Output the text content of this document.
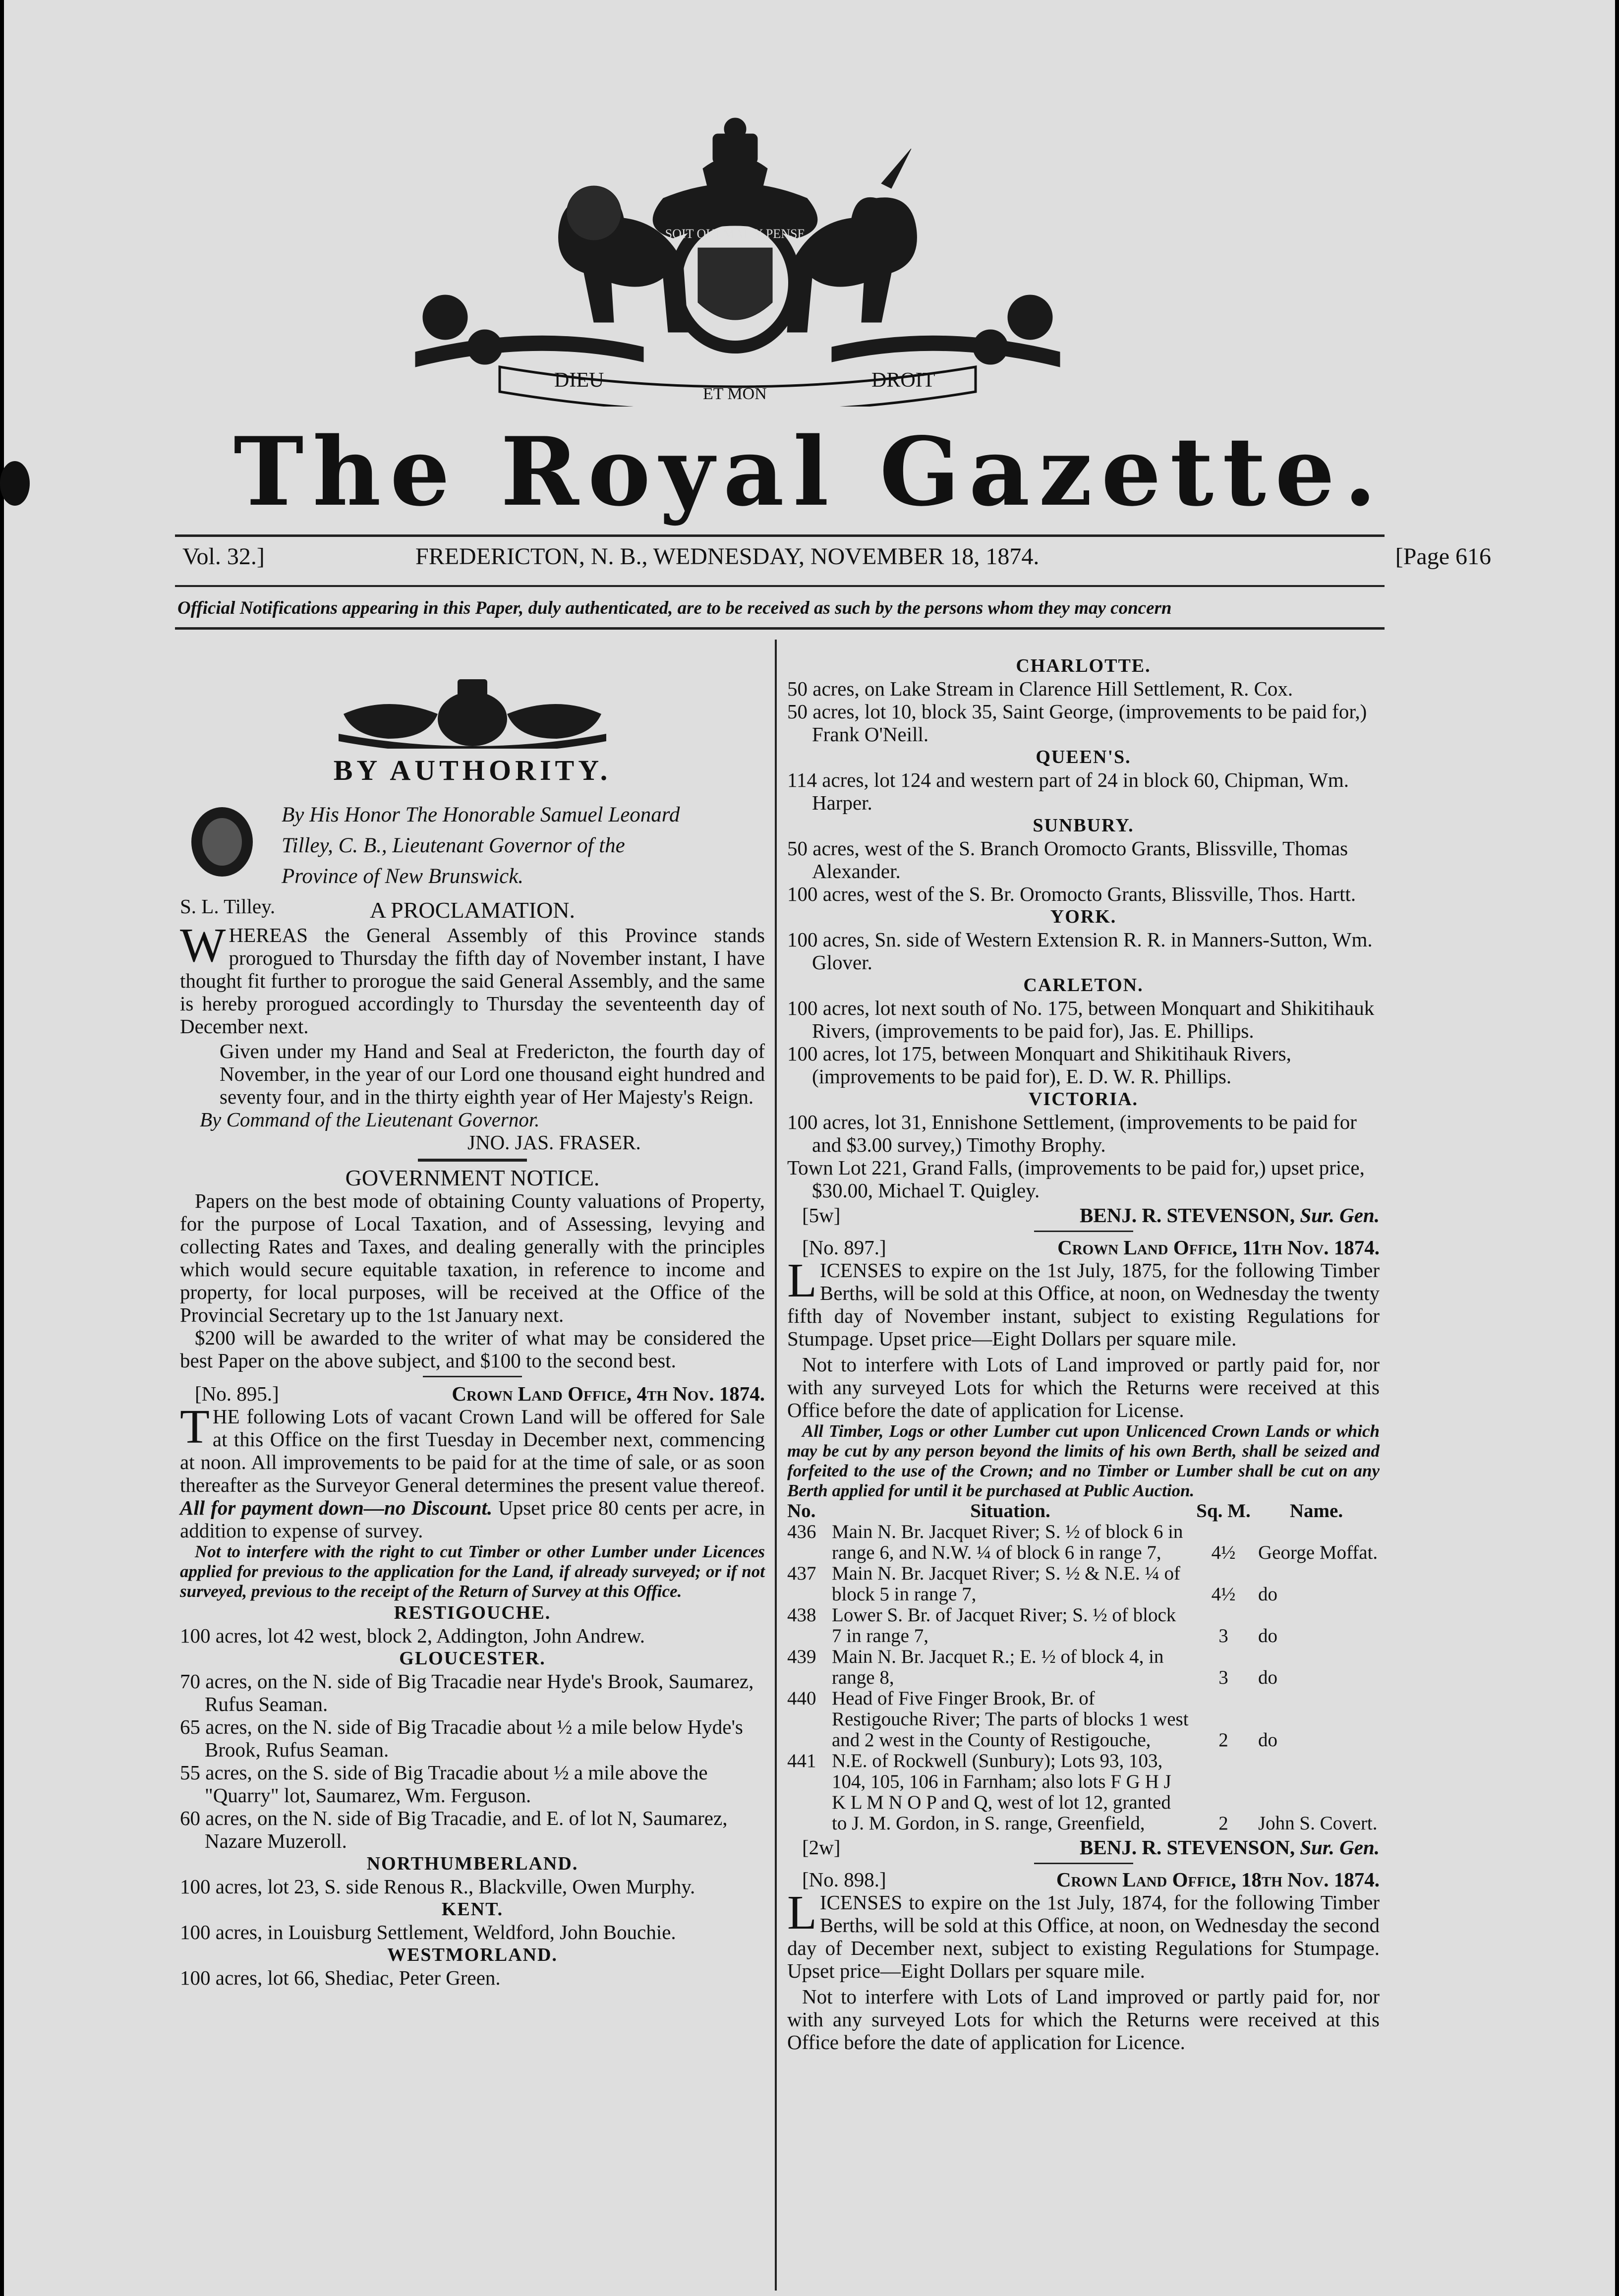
DIEU
ET MON
DROIT
SOIT QUI MAL Y PENSE
The Royal Gazette.
Vol. 32.]	FREDERICTON, N. B., WEDNESDAY, NOVEMBER 18, 1874.	[Page 616
Official Notifications appearing in this Paper, duly authenticated, are to be received as such by the persons whom they may concern
BY AUTHORITY.
By His Honor The Honorable Samuel Leonard
Tilley, C. B., Lieutenant Governor of the
Province of New Brunswick.
S. L. Tilley.	A PROCLAMATION.
WHEREAS the General Assembly of this Province stands prorogued to Thursday the fifth day of November instant, I have thought fit further to prorogue the said General Assembly, and the same is hereby prorogued accordingly to Thursday the seventeenth day of December next.
Given under my Hand and Seal at Fredericton, the fourth day of November, in the year of our Lord one thousand eight hundred and seventy four, and in the thirty eighth year of Her Majesty's Reign.
By Command of the Lieutenant Governor.
JNO. JAS. FRASER.
GOVERNMENT NOTICE.
Papers on the best mode of obtaining County valuations of Property, for the purpose of Local Taxation, and of Assessing, levying and collecting Rates and Taxes, and dealing generally with the principles which would secure equitable taxation, in reference to income and property, for local purposes, will be received at the Office of the Provincial Secretary up to the 1st January next.
$200 will be awarded to the writer of what may be considered the best Paper on the above subject, and $100 to the second best.
[No. 895.]	Crown Land Office, 4th Nov. 1874.
THE following Lots of vacant Crown Land will be offered for Sale at this Office on the first Tuesday in December next, commencing at noon. All improvements to be paid for at the time of sale, or as soon thereafter as the Surveyor General determines the present value thereof. All for payment down—no Discount. Upset price 80 cents per acre, in addition to expense of survey.
Not to interfere with the right to cut Timber or other Lumber under Licences applied for previous to the application for the Land, if already surveyed; or if not surveyed, previous to the receipt of the Return of Survey at this Office.
RESTIGOUCHE.
100 acres, lot 42 west, block 2, Addington, John Andrew.
GLOUCESTER.
70 acres, on the N. side of Big Tracadie near Hyde's Brook, Saumarez, Rufus Seaman.
65 acres, on the N. side of Big Tracadie about ½ a mile below Hyde's Brook, Rufus Seaman.
55 acres, on the S. side of Big Tracadie about ½ a mile above the "Quarry" lot, Saumarez, Wm. Ferguson.
60 acres, on the N. side of Big Tracadie, and E. of lot N, Saumarez, Nazare Muzeroll.
NORTHUMBERLAND.
100 acres, lot 23, S. side Renous R., Blackville, Owen Murphy.
KENT.
100 acres, in Louisburg Settlement, Weldford, John Bouchie.
WESTMORLAND.
100 acres, lot 66, Shediac, Peter Green.
CHARLOTTE.
50 acres, on Lake Stream in Clarence Hill Settlement, R. Cox.
50 acres, lot 10, block 35, Saint George, (improvements to be paid for,) Frank O'Neill.
QUEEN'S.
114 acres, lot 124 and western part of 24 in block 60, Chipman, Wm. Harper.
SUNBURY.
50 acres, west of the S. Branch Oromocto Grants, Blissville, Thomas Alexander.
100 acres, west of the S. Br. Oromocto Grants, Blissville, Thos. Hartt.
YORK.
100 acres, Sn. side of Western Extension R. R. in Manners-Sutton, Wm. Glover.
CARLETON.
100 acres, lot next south of No. 175, between Monquart and Shikitihauk Rivers, (improvements to be paid for), Jas. E. Phillips.
100 acres, lot 175, between Monquart and Shikitihauk Rivers, (improvements to be paid for), E. D. W. R. Phillips.
VICTORIA.
100 acres, lot 31, Ennishone Settlement, (improvements to be paid for and $3.00 survey,) Timothy Brophy.
Town Lot 221, Grand Falls, (improvements to be paid for,) upset price, $30.00, Michael T. Quigley.
[5w]	BENJ. R. STEVENSON, Sur. Gen.
[No. 897.]	Crown Land Office, 11th Nov. 1874.
LICENSES to expire on the 1st July, 1875, for the following Timber Berths, will be sold at this Office, at noon, on Wednesday the twenty fifth day of November instant, subject to existing Regulations for Stumpage. Upset price—Eight Dollars per square mile.
Not to interfere with Lots of Land improved or partly paid for, nor with any surveyed Lots for which the Returns were received at this Office before the date of application for License.
All Timber, Logs or other Lumber cut upon Unlicenced Crown Lands or which may be cut by any person beyond the limits of his own Berth, shall be seized and forfeited to the use of the Crown; and no Timber or Lumber shall be cut on any Berth applied for until it be purchased at Public Auction.
No.	Situation.	Sq. M.	Name.
436	Main N. Br. Jacquet River; S. ½ of block 6 in range 6, and N.W. ¼ of block 6 in range 7,	4½	George Moffat.
437	Main N. Br. Jacquet River; S. ½ & N.E. ¼ of block 5 in range 7,	4½	do
438	Lower S. Br. of Jacquet River; S. ½ of block 7 in range 7,	3	do
439	Main N. Br. Jacquet R.; E. ½ of block 4, in range 8,	3	do
440	Head of Five Finger Brook, Br. of Restigouche River; The parts of blocks 1 west and 2 west in the County of Restigouche,	2	do
441	N.E. of Rockwell (Sunbury); Lots 93, 103, 104, 105, 106 in Farnham; also lots F G H J K L M N O P and Q, west of lot 12, granted to J. M. Gordon, in S. range, Greenfield,	2	John S. Covert.
[2w]	BENJ. R. STEVENSON, Sur. Gen.
[No. 898.]	Crown Land Office, 18th Nov. 1874.
LICENSES to expire on the 1st July, 1874, for the following Timber Berths, will be sold at this Office, at noon, on Wednesday the second day of December next, subject to existing Regulations for Stumpage. Upset price—Eight Dollars per square mile.
Not to interfere with Lots of Land improved or partly paid for, nor with any surveyed Lots for which the Returns were received at this Office before the date of application for Licence.
